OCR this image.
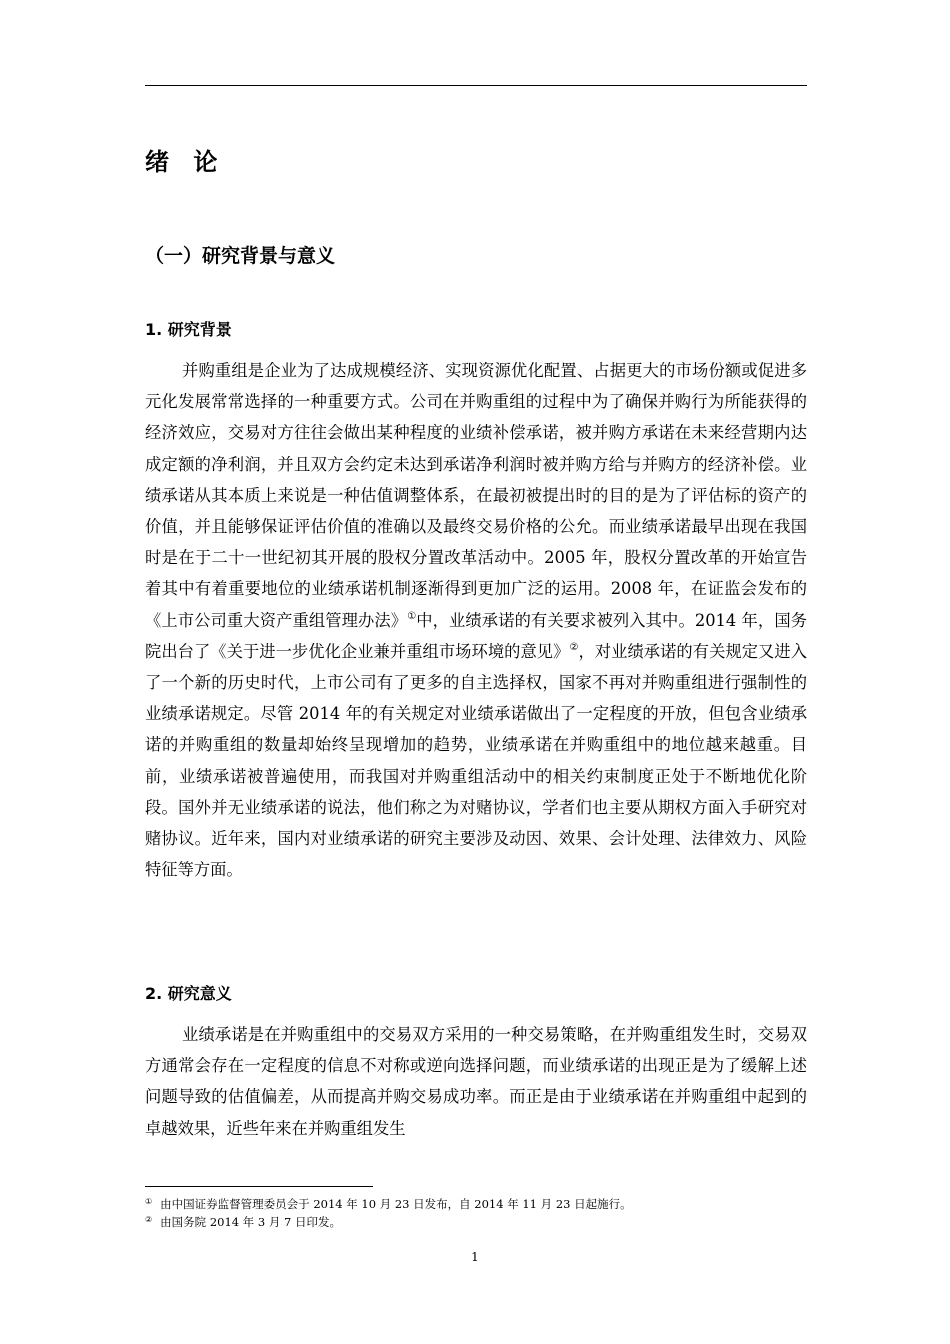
绪 论
（一）研究背景与意义
1. 研究背景

并购重组是企业为了达成规模经济、实现资源优化配置、占据更大的市场份额或促进多元化发展常常选择的一种重要方式。公司在并购重组的过程中为了确保并购行为所能获得的经济效应，交易对方往往会做出某种程度的业绩补偿承诺，被并购方承诺在未来经营期内达成定额的净利润，并且双方会约定未达到承诺净利润时被并购方给与并购方的经济补偿。业绩承诺从其本质上来说是一种估值调整体系，在最初被提出时的目的是为了评估标的资产的价值，并且能够保证评估价值的准确以及最终交易价格的公允。而业绩承诺最早出现在我国时是在于二十一世纪初其开展的股权分置改革活动中。2005 年，股权分置改革的开始宣告着其中有着重要地位的业绩承诺机制逐渐得到更加广泛的运用。2008 年，在证监会发布的《上市公司重大资产重组管理办法》①中，业绩承诺的有关要求被列入其中。2014 年，国务院出台了《关于进一步优化企业兼并重组市场环境的意见》②，对业绩承诺的有关规定又进入了一个新的历史时代，上市公司有了更多的自主选择权，国家不再对并购重组进行强制性的业绩承诺规定。尽管 2014 年的有关规定对业绩承诺做出了一定程度的开放，但包含业绩承诺的并购重组的数量却始终呈现增加的趋势，业绩承诺在并购重组中的地位越来越重。目前，业绩承诺被普遍使用，而我国对并购重组活动中的相关约束制度正处于不断地优化阶段。国外并无业绩承诺的说法，他们称之为对赌协议，学者们也主要从期权方面入手研究对赌协议。近年来，国内对业绩承诺的研究主要涉及动因、效果、会计处理、法律效力、风险特征等方面。

2. 研究意义

业绩承诺是在并购重组中的交易双方采用的一种交易策略，在并购重组发生时，交易双方通常会存在一定程度的信息不对称或逆向选择问题，而业绩承诺的出现正是为了缓解上述问题导致的估值偏差，从而提高并购交易成功率。而正是由于业绩承诺在并购重组中起到的卓越效果，近些年来在并购重组发生

① 由中国证券监督管理委员会于 2014 年 10 月 23 日发布，自 2014 年 11 月 23 日起施行。
② 由国务院 2014 年 3 月 7 日印发。
1
